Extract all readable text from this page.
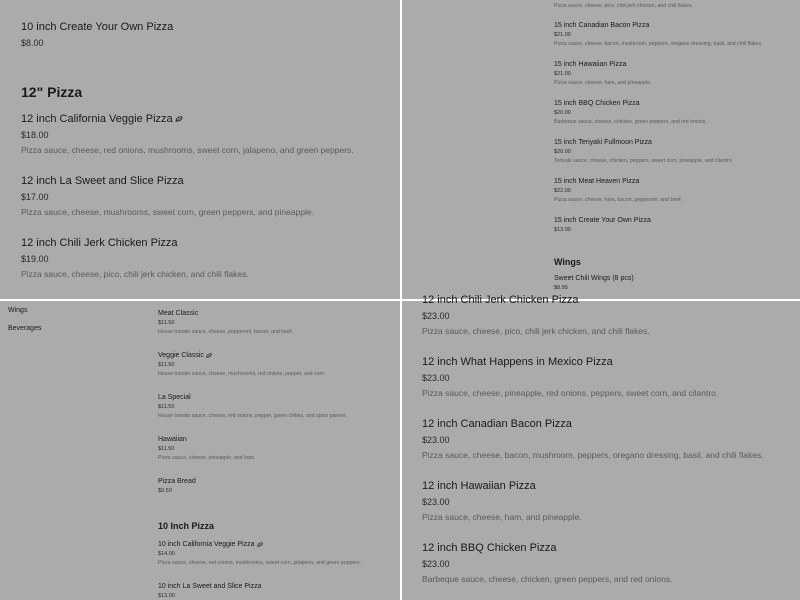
10 inch Create Your Own Pizza
$8.00
12" Pizza
12 inch California Veggie Pizza
$18.00
Pizza sauce, cheese, red onions, mushrooms, sweet corn, jalapeno, and green peppers.
12 inch La Sweet and Slice Pizza
$17.00
Pizza sauce, cheese, mushrooms, sweet corn, green peppers, and pineapple.
12 inch Chili Jerk Chicken Pizza
$19.00
Pizza sauce, cheese, pico, chili jerk chicken, and chili flakes.
Pizza sauce, cheese, pico, chili jerk chicken, and chili flakes.
15 inch Canadian Bacon Pizza
$21.00
Pizza sauce, cheese, bacon, mushroom, peppers, oregano dressing, basil, and chili flakes.
15 inch Hawaiian Pizza
$21.00
Pizza sauce, cheese, ham, and pineapple.
15 inch BBQ Chicken Pizza
$20.00
Barbeque sauce, cheese, chicken, green peppers, and red onions.
15 inch Teriyaki Fullmoon Pizza
$20.00
Teriyaki sauce, cheese, chicken, peppers, sweet corn, pineapple, and cilantro.
15 inch Meat Heaven Pizza
$22.00
Pizza sauce, cheese, ham, bacon, pepperoni, and beef.
15 inch Create Your Own Pizza
$13.00
Wings
Sweet Chili Wings (8 pcs)
$8.95
Wings
Beverages
Meat Classic
$11.50
House tomato sauce, cheese, pepperoni, bacon, and beef.
Veggie Classic
$11.50
House tomato sauce, cheese, mushrooms, red onions, pepper, and corn.
La Special
$11.50
House tomato sauce, cheese, red onions, pepper, green chilies, and spice paneer.
Hawaiian
$11.50
Pizza sauce, cheese, pineapple, and ham.
Pizza Bread
$9.50
10 Inch Pizza
10 inch California Veggie Pizza
$14.00
Pizza sauce, cheese, red onions, mushrooms, sweet corn, jalapeno, and green peppers.
10 inch La Sweet and Slice Pizza
$13.00
12 inch Chili Jerk Chicken Pizza
$23.00
Pizza sauce, cheese, pico, chili jerk chicken, and chili flakes.
12 inch What Happens in Mexico Pizza
$23.00
Pizza sauce, cheese, pineapple, red onions, peppers, sweet corn, and cilantro.
12 inch Canadian Bacon Pizza
$23.00
Pizza sauce, cheese, bacon, mushroom, peppers, oregano dressing, basil, and chili flakes.
12 inch Hawaiian Pizza
$23.00
Pizza sauce, cheese, ham, and pineapple.
12 inch BBQ Chicken Pizza
$23.00
Barbeque sauce, cheese, chicken, green peppers, and red onions.
